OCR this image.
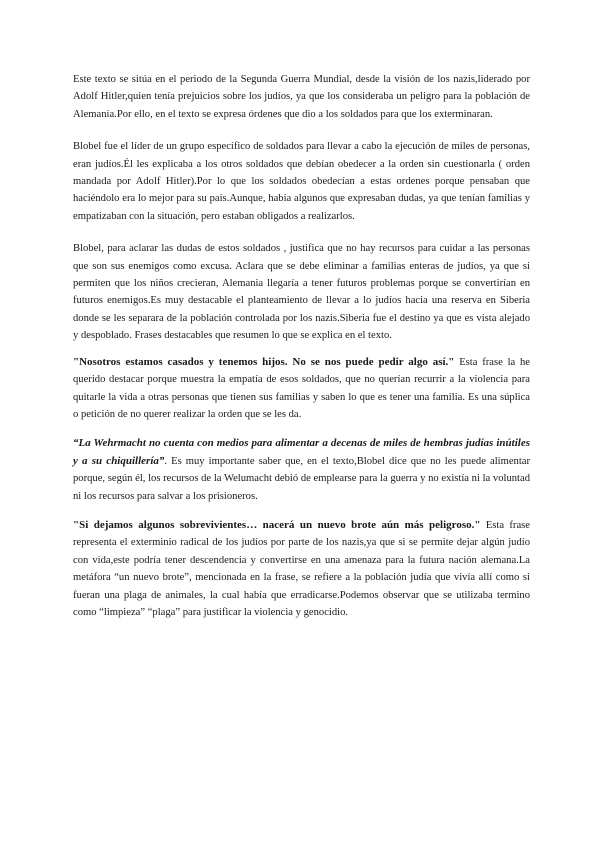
Este texto se sitúa en el periodo de la Segunda Guerra Mundial, desde la visión de los nazis,liderado por Adolf Hitler,quien tenía prejuicios sobre los judíos, ya que los consideraba un peligro para la población de Alemania.Por ello, en el texto se expresa órdenes que dio a los soldados para que los exterminaran.

Blobel fue el líder de un grupo específico de soldados para llevar a cabo la ejecución de miles de personas, eran judíos.Él les explicaba a los otros soldados que debían obedecer a la orden sin cuestionarla ( orden mandada por Adolf Hitler).Por lo que los soldados obedecían a estas ordenes porque pensaban que haciéndolo era lo mejor para su país.Aunque, había algunos que expresaban dudas, ya que tenían familias y empatizaban con la situación, pero estaban obligados a realizarlos.

Blobel, para aclarar las dudas de estos soldados , justifica que no hay recursos para cuidar a las personas que son sus enemigos como excusa. Aclara que se debe eliminar a familias enteras de judíos, ya que si permiten que los niños crecieran, Alemania llegaría a tener futuros problemas porque se convertirían en futuros enemigos.Es muy destacable el planteamiento de llevar a lo judíos hacia una reserva en Siberia donde se les separara de la población controlada por los nazis.Siberia fue el destino ya que es vista alejado y despoblado. Frases destacables que resumen lo que se explica en el texto.

"Nosotros estamos casados y tenemos hijos. No se nos puede pedir algo así." Esta frase la he querido destacar porque muestra la empatía de esos soldados, que no querían recurrir a la violencia para quitarle la vida a otras personas que tienen sus familias y saben lo que es tener una familia. Es una súplica o petición de no querer realizar la orden que se les da.

“La Wehrmacht no cuenta con medios para alimentar a decenas de miles de hembras judías inútiles y a su chiquillería”. Es muy importante saber que, en el texto,Blobel dice que no les puede alimentar porque, según él, los recursos de la Welumacht debió de emplearse para la guerra y no existía ni la voluntad ni los recursos para salvar a los prisioneros.

"Si dejamos algunos sobrevivientes… nacerá un nuevo brote aún más peligroso." Esta frase representa el exterminio radical de los judíos por parte de los nazis,ya que si se permite dejar algún judío con vida,este podría tener descendencia y convertirse en una amenaza para la futura nación alemana.La metáfora “un nuevo brote”, mencionada en la frase, se refiere a la población judía que vivía allí como si fueran una plaga de animales, la cual había que erradicarse.Podemos observar que se utilizaba termino como “limpieza” “plaga” para justificar la violencia y genocidio.
